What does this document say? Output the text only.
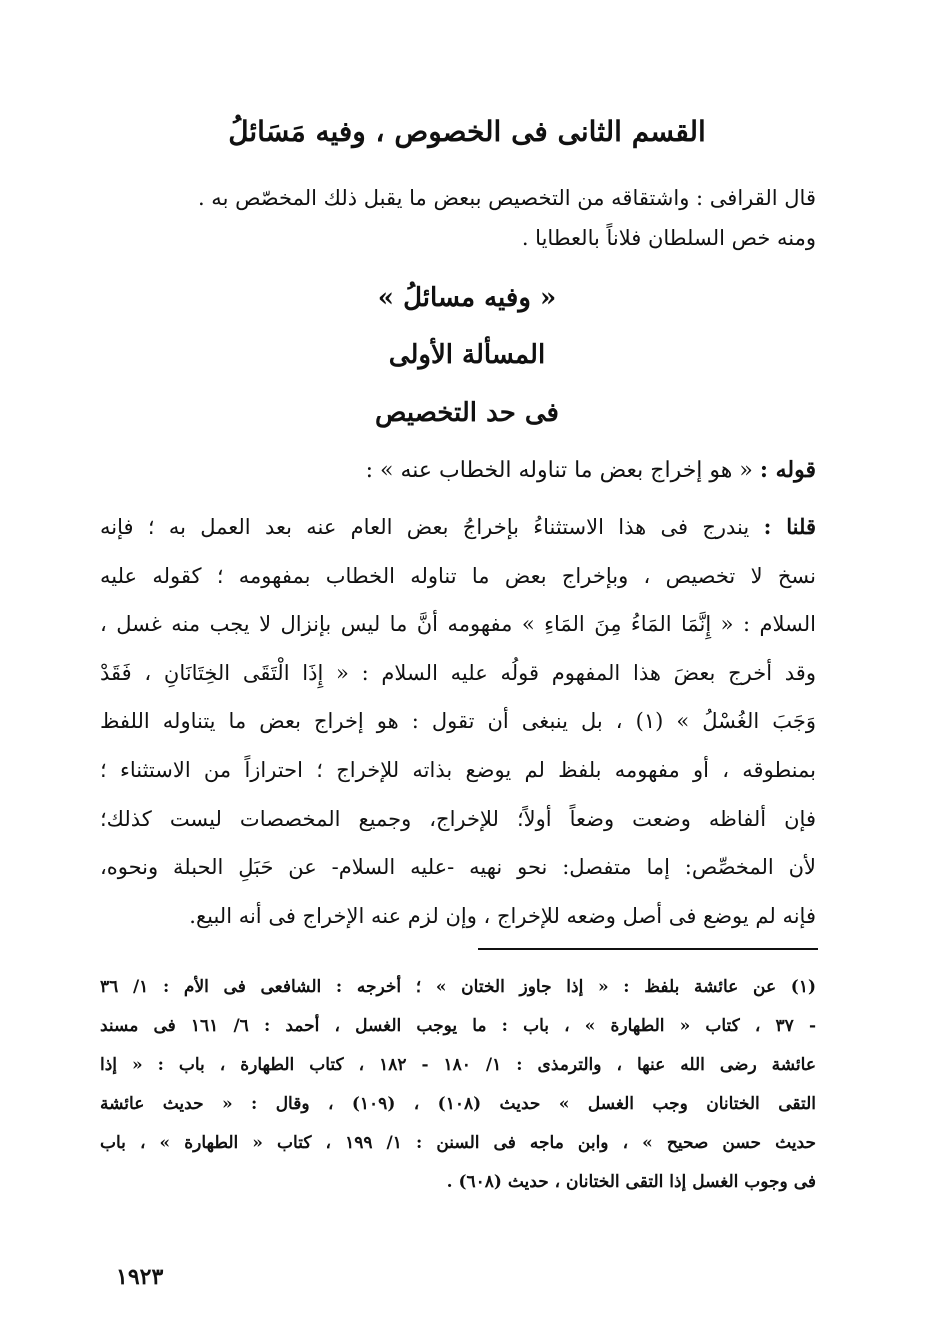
القسم الثانى فى الخصوص ، وفيه مَسَائلُ
قال القرافى : واشتقاقه من التخصيص ببعض ما يقبل ذلك المخصّص به .
ومنه خص السلطان فلاناً بالعطايا .
« وفيه مسائلُ »
المسألة الأولى
فى حد التخصيص
قوله : « هو إخراج بعض ما تناوله الخطاب عنه » :
قلنا : يندرج فى هذا الاستثناءُ بإخراجُ بعض العام عنه بعد العمل به ؛ فإنه
نسخ لا تخصيص ، وبإخراج بعض ما تناوله الخطاب بمفهومه ؛ كقوله عليه
السلام : « إِنَّمَا المَاءُ مِنَ المَاءِ » مفهومه أنَّ ما ليس بإنزال لا يجب منه غسل ،
وقد أخرج بعضَ هذا المفهوم قولُه عليه السلام : « إِذَا الْتَقَى الخِتَانَانِ ، فَقَدْ
وَجَبَ الغُسْلُ » (١) ، بل ينبغى أن تقول : هو إخراج بعض ما يتناوله اللفظ
بمنطوقه ، أو مفهومه بلفظ لم يوضع بذاته للإخراج ؛ احترازاً من الاستثناء ؛
فإن ألفاظه وضعت وضعاً أولاً؛ للإخراج، وجميع المخصصات ليست كذلك؛
لأن المخصِّص: إما متفصل: نحو نهيه -عليه السلام- عن حَبَلِ الحبلة ونحوه،
فإنه لم يوضع فى أصل وضعه للإخراج ، وإن لزم عنه الإخراج فى أنه البيع.
(١) عن عائشة بلفظ : « إذا جاوز الختان » ؛ أخرجه : الشافعى فى الأم : ١/ ٣٦
- ٣٧ ، كتاب « الطهارة » ، باب : ما يوجب الغسل ، أحمد : ٦/ ١٦١ فى مسند
عائشة رضى الله عنها ، والترمذى : ١/ ١٨٠ - ١٨٢ ، كتاب الطهارة ، باب : « إذا
التقى الختانان وجب الغسل » حديث (١٠٨) ، (١٠٩) ، وقال : « حديث عائشة
حديث حسن صحيح » ، وابن ماجه فى السنن : ١/ ١٩٩ ، كتاب « الطهارة » ، باب
فى وجوب الغسل إذا التقى الختانان ، حديث (٦٠٨) .
١٩٢٣
